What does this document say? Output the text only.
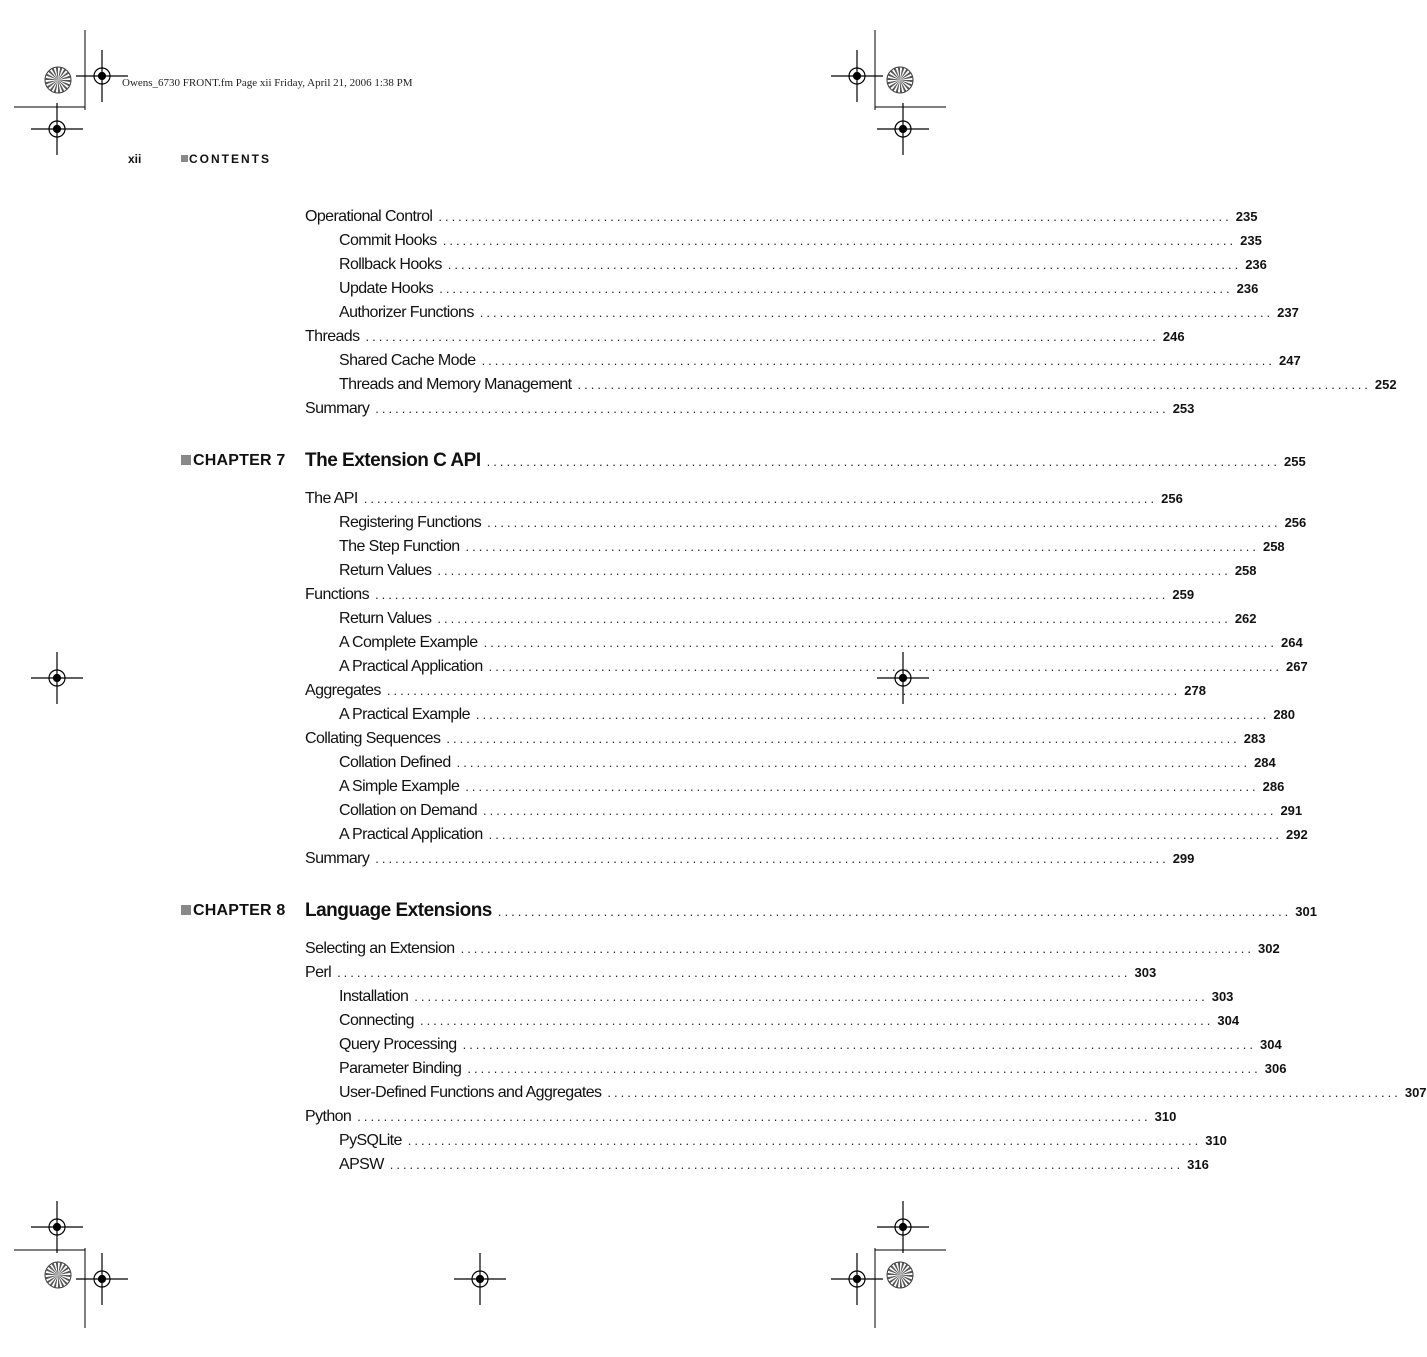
Owens_6730 FRONT.fm Page xii Friday, April 21, 2006 1:38 PM
xii	CONTENTS
Operational Control ........................................................................................................................ 235
Commit Hooks ........................................................................................................................ 235
Rollback Hooks ........................................................................................................................ 236
Update Hooks ........................................................................................................................ 236
Authorizer Functions ........................................................................................................................ 237
Threads ........................................................................................................................ 246
Shared Cache Mode ........................................................................................................................ 247
Threads and Memory Management ........................................................................................................................ 252
Summary ........................................................................................................................ 253
CHAPTER 7 The Extension C API ........................................................................................................................ 255
The API ........................................................................................................................ 256
Registering Functions ........................................................................................................................ 256
The Step Function ........................................................................................................................ 258
Return Values ........................................................................................................................ 258
Functions ........................................................................................................................ 259
Return Values ........................................................................................................................ 262
A Complete Example ........................................................................................................................ 264
A Practical Application ........................................................................................................................ 267
Aggregates ........................................................................................................................ 278
A Practical Example ........................................................................................................................ 280
Collating Sequences ........................................................................................................................ 283
Collation Defined ........................................................................................................................ 284
A Simple Example ........................................................................................................................ 286
Collation on Demand ........................................................................................................................ 291
A Practical Application ........................................................................................................................ 292
Summary ........................................................................................................................ 299
CHAPTER 8 Language Extensions ........................................................................................................................ 301
Selecting an Extension ........................................................................................................................ 302
Perl ........................................................................................................................ 303
Installation ........................................................................................................................ 303
Connecting ........................................................................................................................ 304
Query Processing ........................................................................................................................ 304
Parameter Binding ........................................................................................................................ 306
User-Defined Functions and Aggregates ........................................................................................................................ 307
Python ........................................................................................................................ 310
PySQLite ........................................................................................................................ 310
APSW ........................................................................................................................ 316
